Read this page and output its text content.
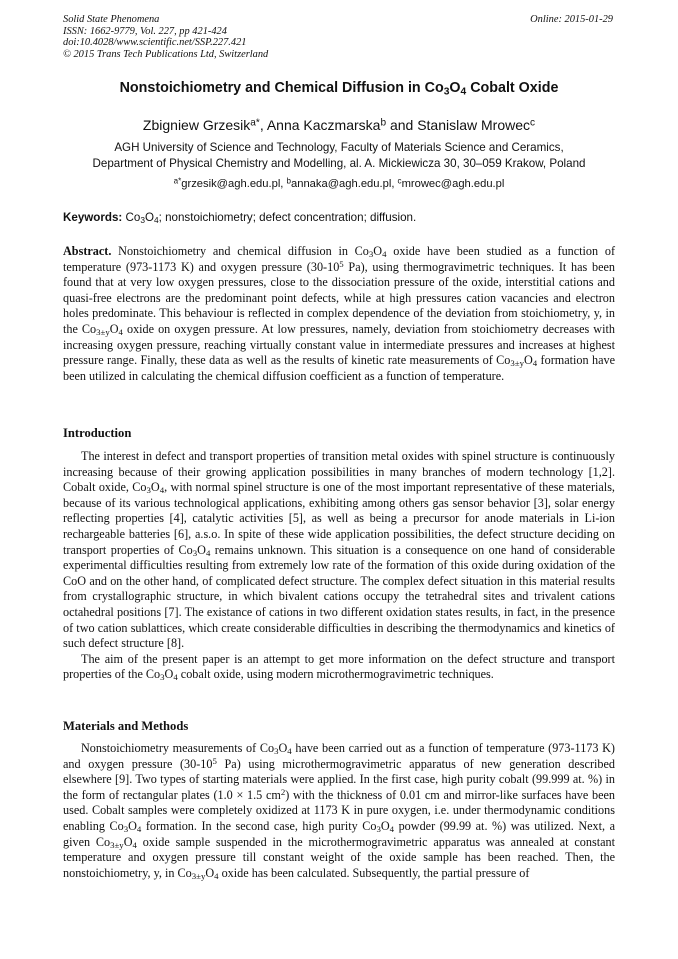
Solid State Phenomena
ISSN: 1662-9779, Vol. 227, pp 421-424
doi:10.4028/www.scientific.net/SSP.227.421
© 2015 Trans Tech Publications Ltd, Switzerland
Online: 2015-01-29
Nonstoichiometry and Chemical Diffusion in $Co_3O_4$ Cobalt Oxide
Zbigniew Grzesik$^{a*}$, Anna Kaczmarska$^b$ and Stanislaw Mrowec$^c$
AGH University of Science and Technology, Faculty of Materials Science and Ceramics,
Department of Physical Chemistry and Modelling, al. A. Mickiewicza 30, 30–059 Krakow, Poland
$^{a*}$grzesik@agh.edu.pl, $^b$annaka@agh.edu.pl, $^c$mrowec@agh.edu.pl
Keywords: $Co_3O_4$; nonstoichiometry; defect concentration; diffusion.

Abstract. Nonstoichiometry and chemical diffusion in $Co_3O_4$ oxide have been studied as a function of temperature (973-1173 K) and oxygen pressure ($30-10^5$ Pa), using thermogravimetric techniques. It has been found that at very low oxygen pressures, close to the dissociation pressure of the oxide, interstitial cations and quasi-free electrons are the predominant point defects, while at high pressures cation vacancies and electron holes predominate. This behaviour is reflected in complex dependence of the deviation from stoichiometry, y, in the $Co3\pm yO_4$ oxide on oxygen pressure. At low pressures, namely, deviation from stoichiometry decreases with increasing oxygen pressure, reaching virtually constant value in intermediate pressures and increases at highest pressure range. Finally, these data as well as the results of kinetic rate measurements of $Co3\pm yO_4$ formation have been utilized in calculating the chemical diffusion coefficient as a function of temperature.

Introduction

The interest in defect and transport properties of transition metal oxides with spinel structure is continuously increasing because of their growing application possibilities in many branches of modern technology [1,2]. Cobalt oxide, $Co_3O_4$, with normal spinel structure is one of the most important representative of these materials, because of its various technological applications, exhibiting among others gas sensor behavior [3], solar energy reflecting properties [4], catalytic activities [5], as well as being a precursor for anode materials in Li-ion rechargeable batteries [6], a.s.o. In spite of these wide application possibilities, the defect structure deciding on transport properties of $Co_3O_4$ remains unknown. This situation is a consequence on one hand of considerable experimental difficulties resulting from extremely low rate of the formation of this oxide during oxidation of the CoO and on the other hand, of complicated defect structure. The complex defect situation in this material results from crystallographic structure, in which bivalent cations occupy the tetrahedral sites and trivalent cations octahedral positions [7]. The existance of cations in two different oxidation states results, in fact, in the presence of two cation sublattices, which create considerable difficulties in describing the thermodynamics and kinetics of such defect structure [8].

The aim of the present paper is an attempt to get more information on the defect structure and transport properties of the $Co_3O_4$ cobalt oxide, using modern microthermogravimetric techniques.

Materials and Methods

Nonstoichiometry measurements of $Co_3O_4$ have been carried out as a function of temperature (973-1173 K) and oxygen pressure ($30-10^5$ Pa) using microthermogravimetric apparatus of new generation described elsewhere [9]. Two types of starting materials were applied. In the first case, high purity cobalt (99.999 at. %) in the form of rectangular plates (1.0 × 1.5 $cm^2$) with the thickness of 0.01 cm and mirror-like surfaces have been used. Cobalt samples were completely oxidized at 1173 K in pure oxygen, i.e. under thermodynamic conditions enabling $Co_3O_4$ formation. In the second case, high purity $Co_3O_4$ powder (99.99 at. %) was utilized. Next, a given $Co3\pm yO_4$ oxide sample suspended in the microthermogravimetric apparatus was annealed at constant temperature and oxygen pressure till constant weight of the oxide sample has been reached. Then, the nonstoichiometry, y, in $Co3\pm yO_4$ oxide has been calculated. Subsequently, the partial pressure of
